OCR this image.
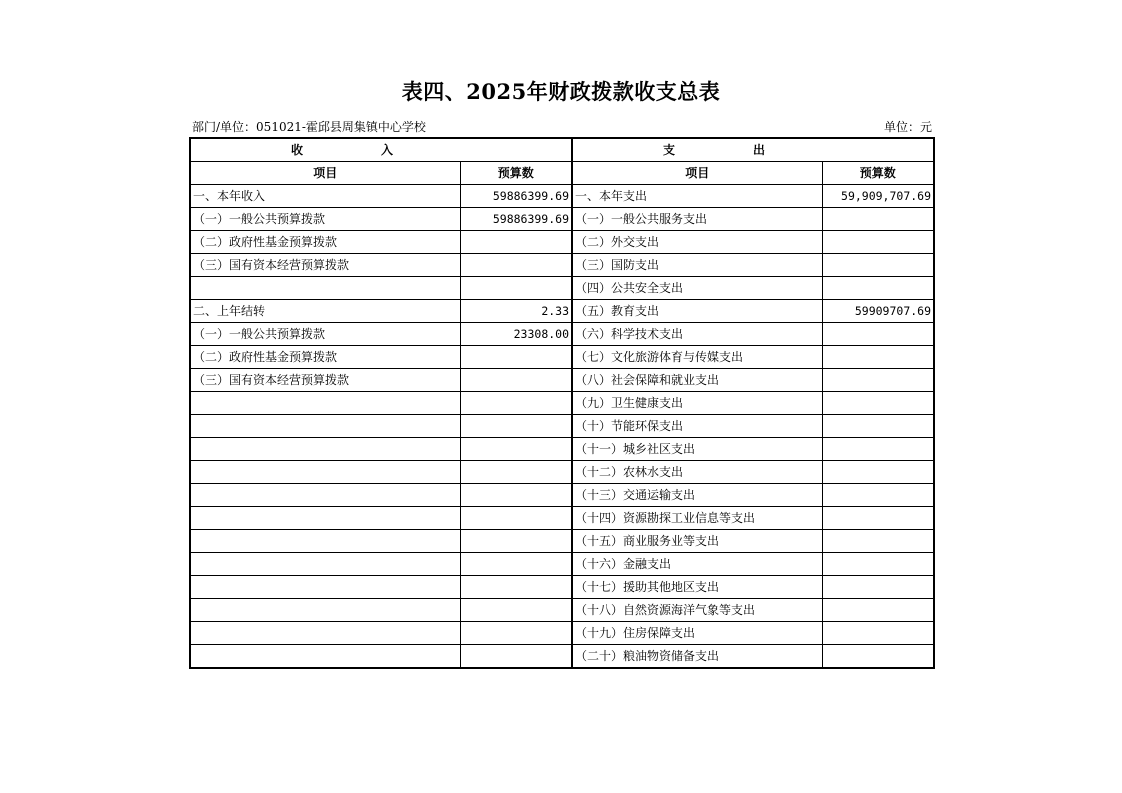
表四、2025年财政拨款收支总表
部门/单位：051021-霍邱县周集镇中心学校	单位：元
收入		支出	
项目	预算数	项目	预算数
一、本年收入	59886399.69	一、本年支出	59,909,707.69
（一）一般公共预算拨款	59886399.69	（一）一般公共服务支出	
（二）政府性基金预算拨款		（二）外交支出	
（三）国有资本经营预算拨款		（三）国防支出	
		（四）公共安全支出	
二、上年结转	2.33	（五）教育支出	59909707.69
（一）一般公共预算拨款	23308.00	（六）科学技术支出	
（二）政府性基金预算拨款		（七）文化旅游体育与传媒支出	
（三）国有资本经营预算拨款		（八）社会保障和就业支出	
		（九）卫生健康支出	
		（十）节能环保支出	
		（十一）城乡社区支出	
		（十二）农林水支出	
		（十三）交通运输支出	
		（十四）资源勘探工业信息等支出	
		（十五）商业服务业等支出	
		（十六）金融支出	
		（十七）援助其他地区支出	
		（十八）自然资源海洋气象等支出	
		（十九）住房保障支出	
		（二十）粮油物资储备支出	
